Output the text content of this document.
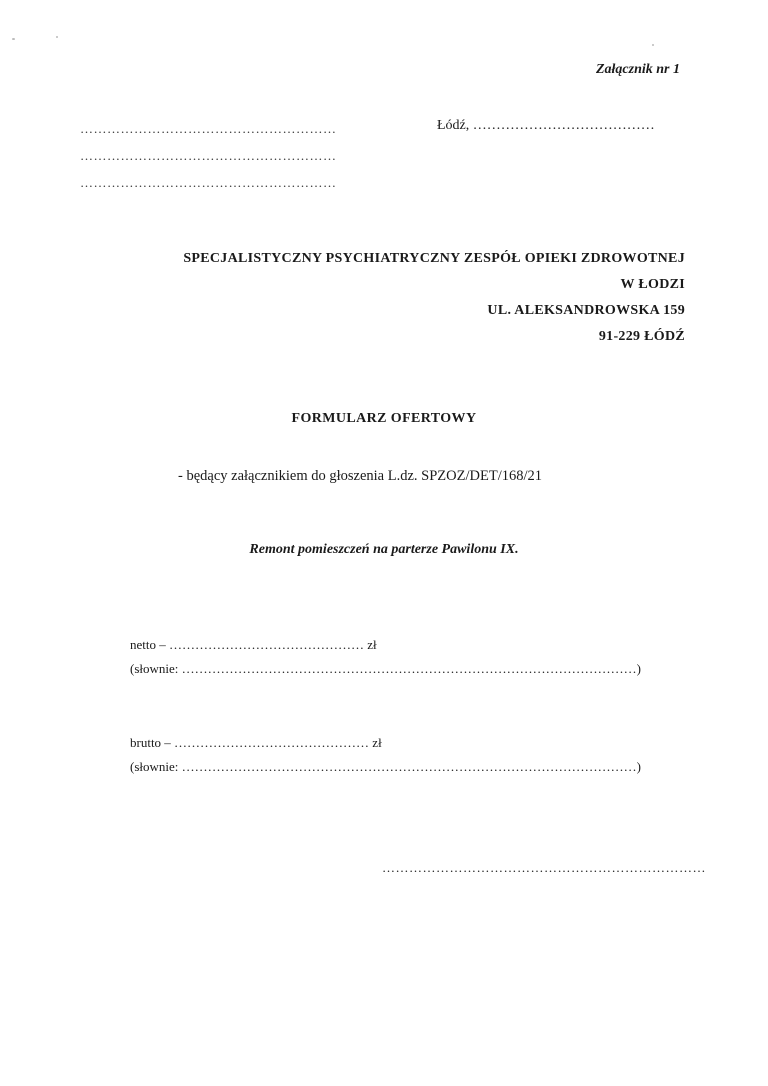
Załącznik nr 1
…………………………………………………
…………………………………………………
…………………………………………………
Łódź, …………………………………
SPECJALISTYCZNY PSYCHIATRYCZNY ZESPÓŁ OPIEKI ZDROWOTNEJ
W ŁODZI
UL. ALEKSANDROWSKA 159
91-229 ŁÓDŹ
FORMULARZ OFERTOWY
- będący załącznikiem do głoszenia L.dz. SPZOZ/DET/168/21
Remont pomieszczeń na parterze Pawilonu IX.
netto – ……………………………………… zł
(słownie: ……………………………………………………………………………………………)
brutto – ……………………………………… zł
(słownie: ……………………………………………………………………………………………)
………………………………………………………………
